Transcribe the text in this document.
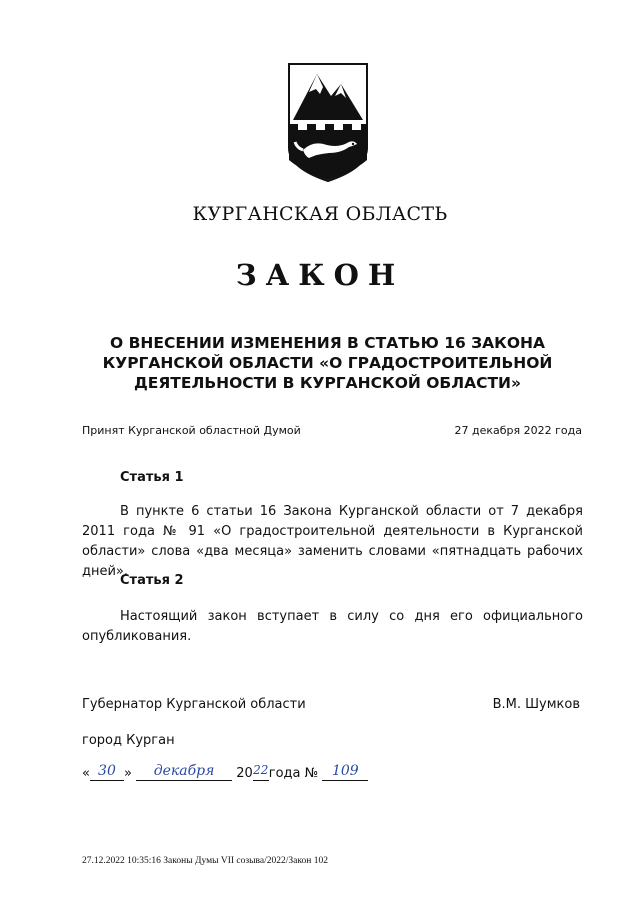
КУРГАНСКАЯ ОБЛАСТЬ
ЗАКОН
О ВНЕСЕНИИ ИЗМЕНЕНИЯ В СТАТЬЮ 16 ЗАКОНА
КУРГАНСКОЙ ОБЛАСТИ «О ГРАДОСТРОИТЕЛЬНОЙ
ДЕЯТЕЛЬНОСТИ В КУРГАНСКОЙ ОБЛАСТИ»
Принят Курганской областной Думой	27 декабря 2022 года
Статья 1
В пункте 6 статьи 16 Закона Курганской области от 7 декабря 2011 года № 91 «О градостроительной деятельности в Курганской области» слова «два месяца» заменить словами «пятнадцать рабочих дней».
Статья 2
Настоящий закон вступает в силу со дня его официального опубликования.
Губернатор Курганской области	В.М. Шумков
город Курган
« 30 » декабря 2022года № 109
27.12.2022 10:35:16 Законы Думы VII созыва/2022/Закон 102
